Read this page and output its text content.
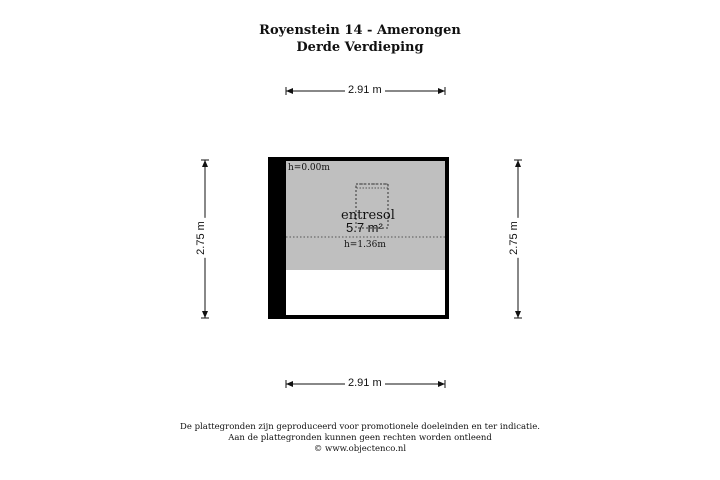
Royenstein 14 - Amerongen
Derde Verdieping
2.91 m
2.91 m
2.75 m	2.75 m
h=0.00m
entresol
5.7 m²
h=1.36m
De plattegronden zijn geproduceerd voor promotionele doeleinden en ter indicatie.
Aan de plattegronden kunnen geen rechten worden ontleend
© www.objectenco.nl
